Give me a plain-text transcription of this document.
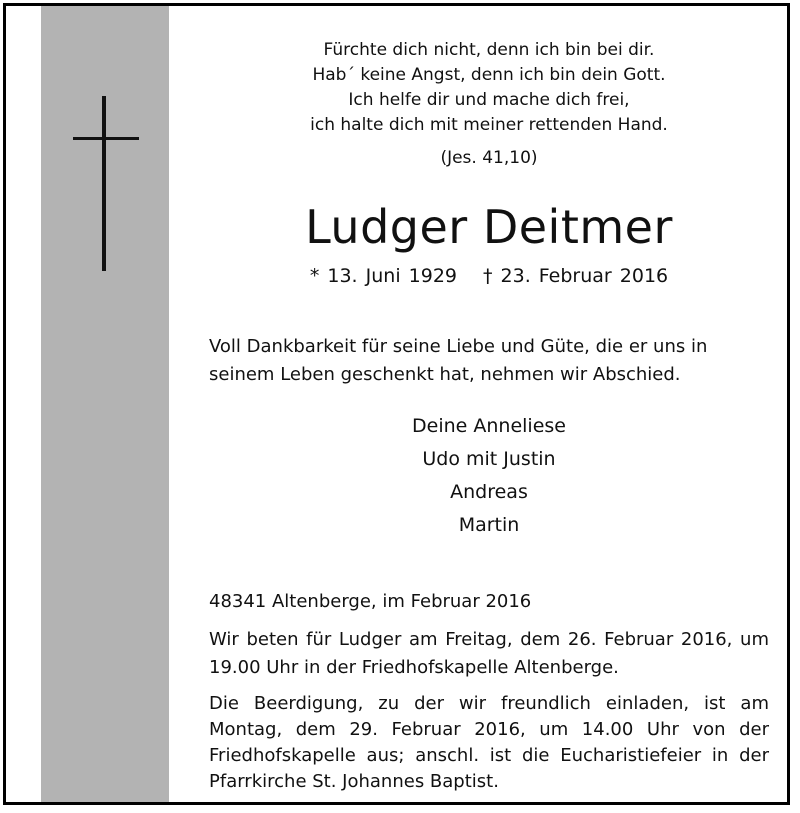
Fürchte dich nicht, denn ich bin bei dir.
Hab´ keine Angst, denn ich bin dein Gott.
Ich helfe dir und mache dich frei,
ich halte dich mit meiner rettenden Hand.
(Jes. 41,10)
Ludger Deitmer
* 13. Juni 1929 † 23. Februar 2016
Voll Dankbarkeit für seine Liebe und Güte, die er uns in seinem Leben geschenkt hat, nehmen wir Abschied.
Deine Anneliese
Udo mit Justin
Andreas
Martin
48341 Altenberge, im Februar 2016
Wir beten für Ludger am Freitag, dem 26. Februar 2016, um 19.00 Uhr in der Friedhofskapelle Altenberge.
Die Beerdigung, zu der wir freundlich einladen, ist am Montag, dem 29. Februar 2016, um 14.00 Uhr von der Friedhofskapelle aus; anschl. ist die Eucharistiefeier in der Pfarrkirche St. Johannes Baptist.
